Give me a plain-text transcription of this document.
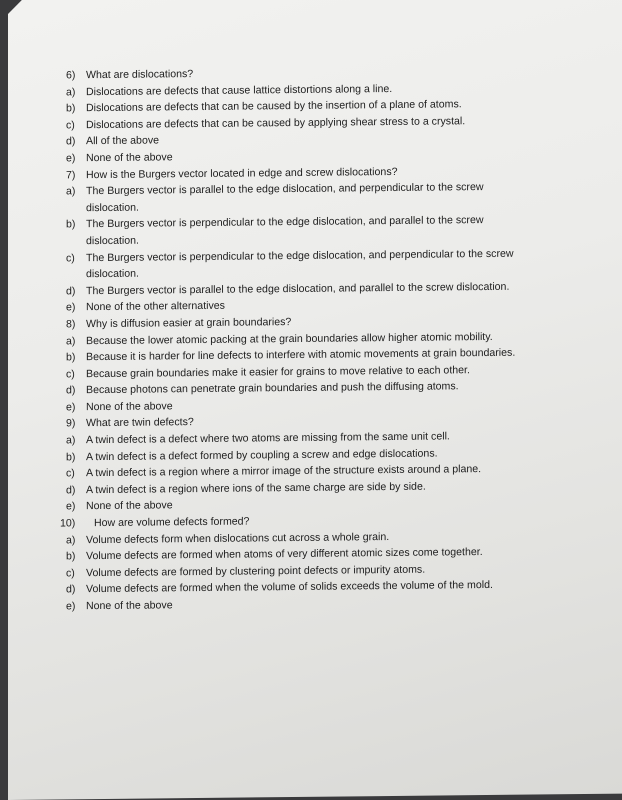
6) What are dislocations?
a) Dislocations are defects that cause lattice distortions along a line.
b) Dislocations are defects that can be caused by the insertion of a plane of atoms.
c) Dislocations are defects that can be caused by applying shear stress to a crystal.
d) All of the above
e) None of the above
7) How is the Burgers vector located in edge and screw dislocations?
a) The Burgers vector is parallel to the edge dislocation, and perpendicular to the screw
dislocation.
b) The Burgers vector is perpendicular to the edge dislocation, and parallel to the screw
dislocation.
c) The Burgers vector is perpendicular to the edge dislocation, and perpendicular to the screw
dislocation.
d) The Burgers vector is parallel to the edge dislocation, and parallel to the screw dislocation.
e) None of the other alternatives
8) Why is diffusion easier at grain boundaries?
a) Because the lower atomic packing at the grain boundaries allow higher atomic mobility.
b) Because it is harder for line defects to interfere with atomic movements at grain boundaries.
c) Because grain boundaries make it easier for grains to move relative to each other.
d) Because photons can penetrate grain boundaries and push the diffusing atoms.
e) None of the above
9) What are twin defects?
a) A twin defect is a defect where two atoms are missing from the same unit cell.
b) A twin defect is a defect formed by coupling a screw and edge dislocations.
c) A twin defect is a region where a mirror image of the structure exists around a plane.
d) A twin defect is a region where ions of the same charge are side by side.
e) None of the above
10) How are volume defects formed?
a) Volume defects form when dislocations cut across a whole grain.
b) Volume defects are formed when atoms of very different atomic sizes come together.
c) Volume defects are formed by clustering point defects or impurity atoms.
d) Volume defects are formed when the volume of solids exceeds the volume of the mold.
e) None of the above
